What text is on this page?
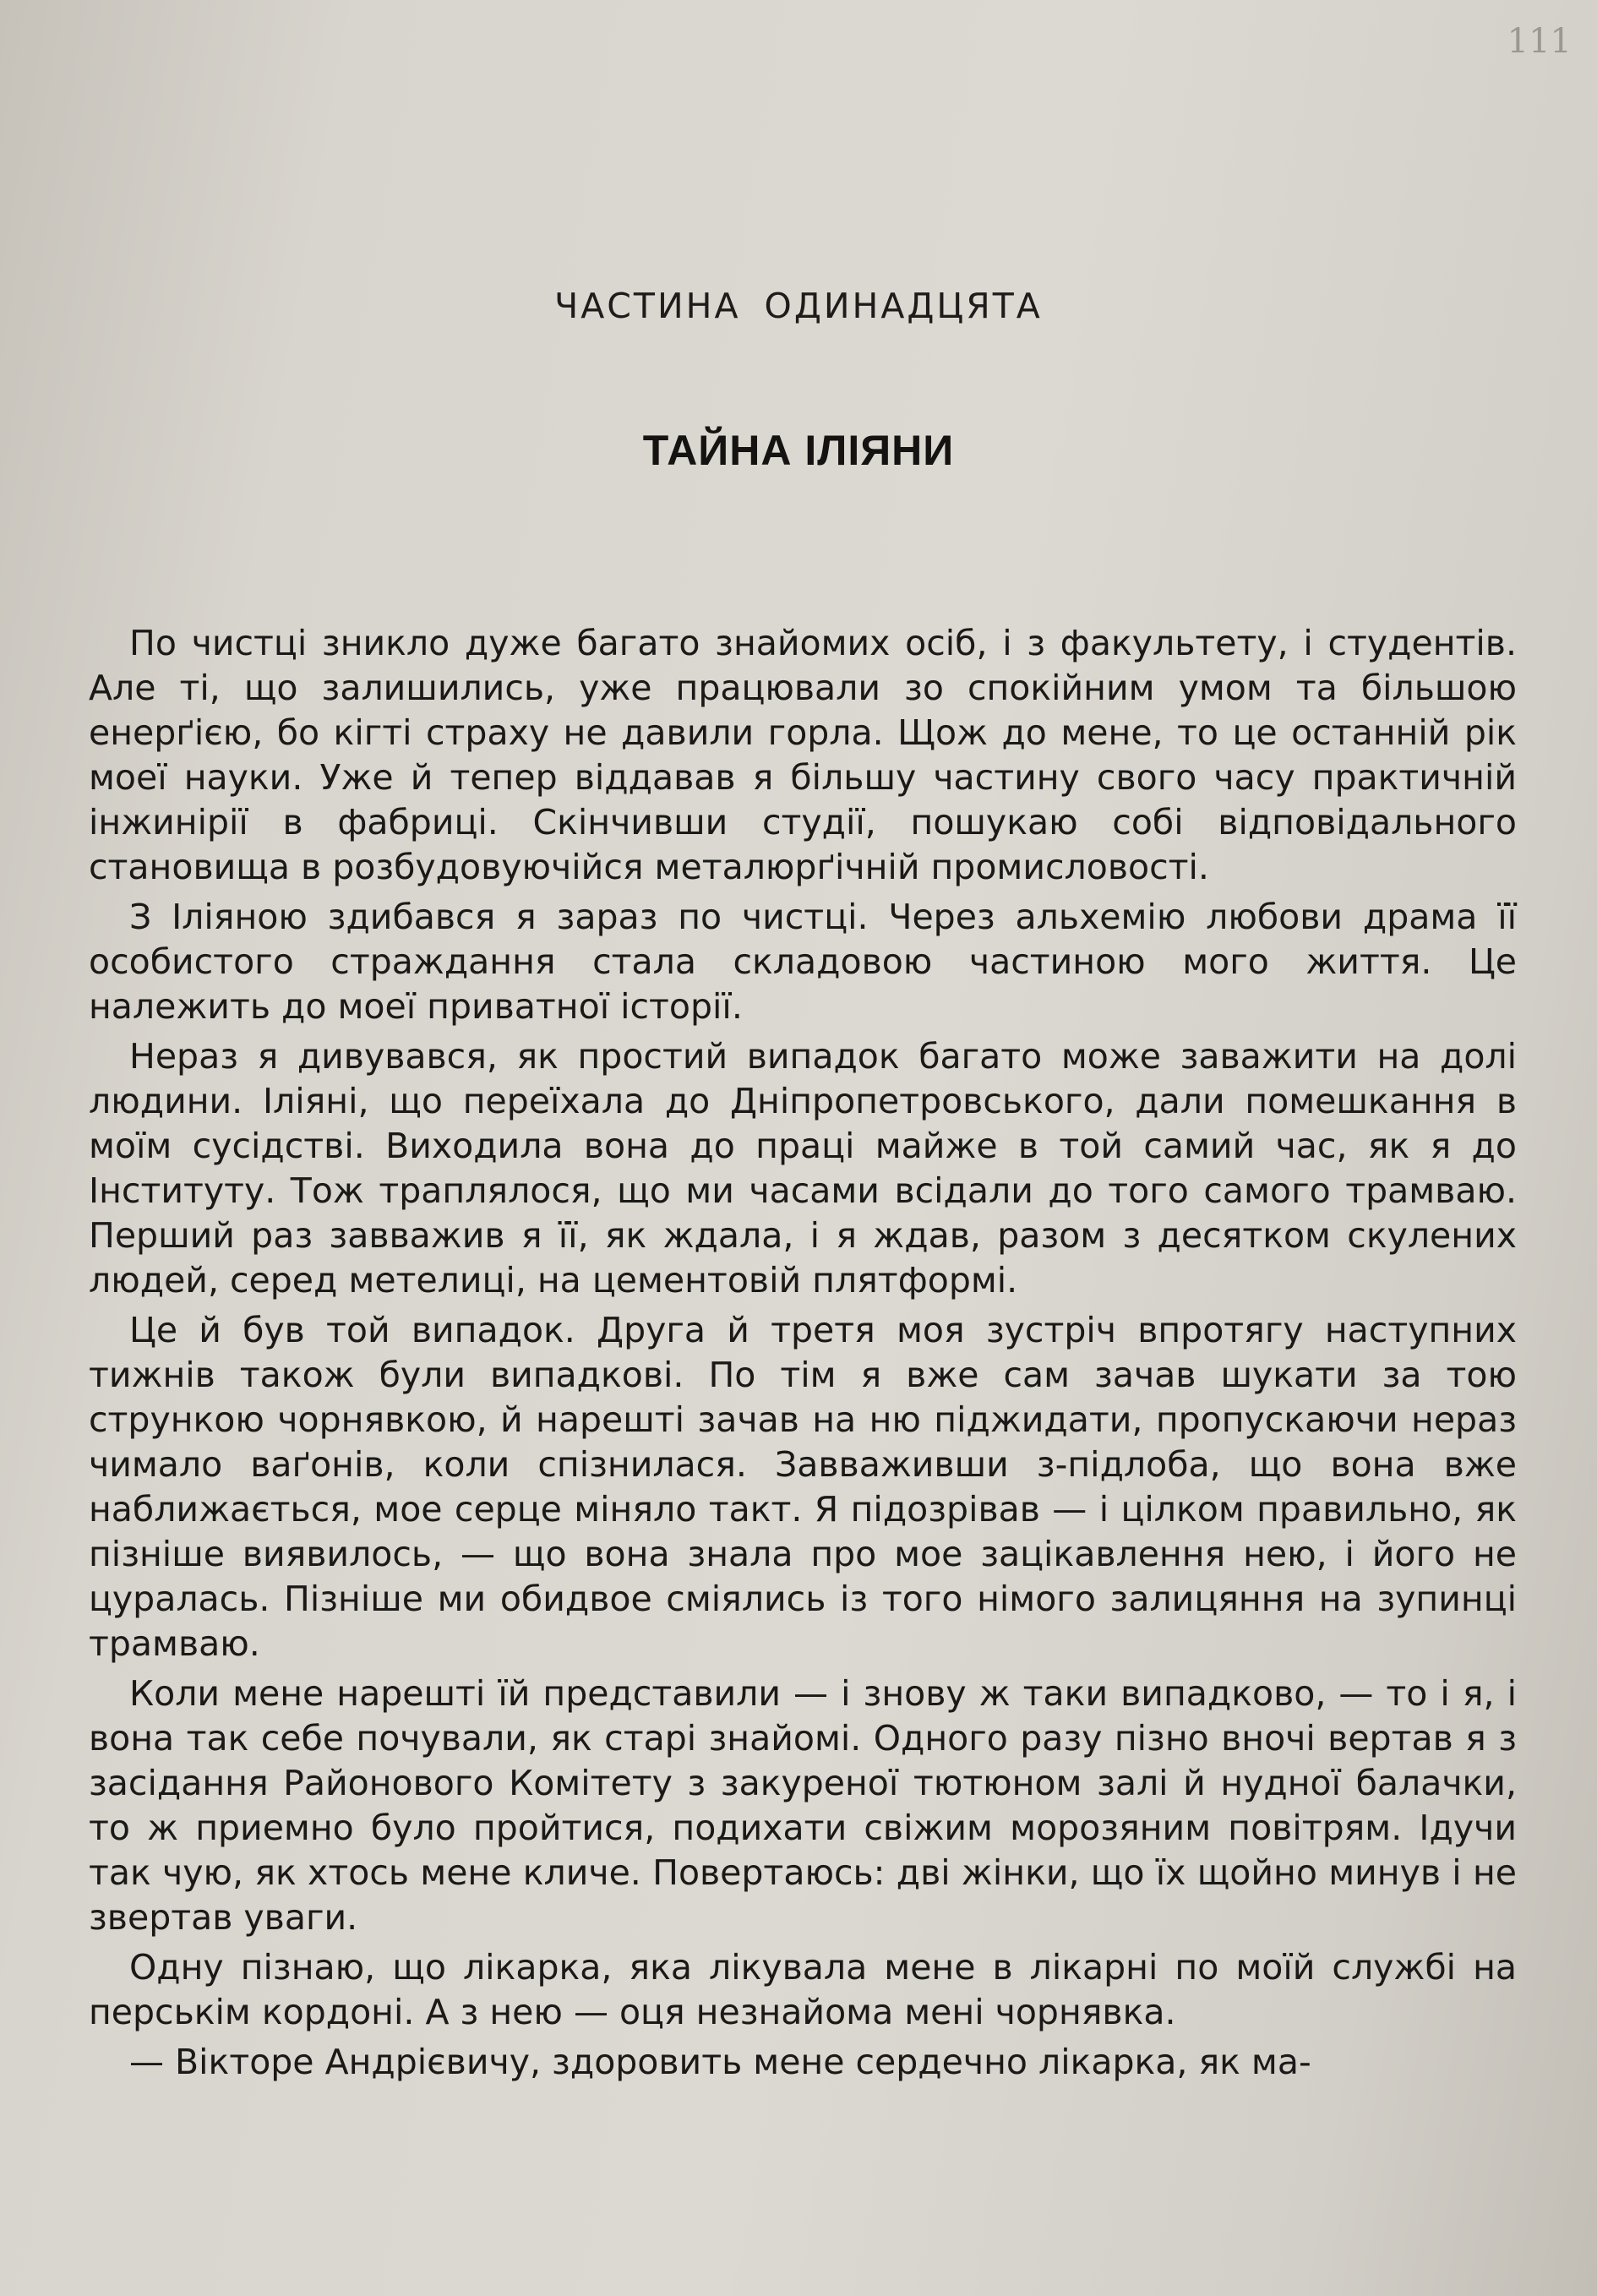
111
ЧАСТИНА ОДИНАДЦЯТА
ТАЙНА ІЛІЯНИ

По чистці зникло дуже багато знайомих осіб, і з факультету, і студентів. Але ті, що залишились, уже працювали зо спокійним умом та більшою енерґією, бо кігті страху не давили горла. Щож до мене, то це останній рік моеї науки. Уже й тепер віддавав я більшу частину свого часу практичній інжинірії в фабриці. Скінчивши студії, пошукаю собі відповідального становища в розбудовуючійся металюрґічній промисловості.

З Іліяною здибався я зараз по чистці. Через альхемію любови драма її особистого страждання стала складовою частиною мого життя. Це належить до моеї приватної історії.

Нераз я дивувався, як простий випадок багато може заважити на долі людини. Іліяні, що переїхала до Дніпропетровського, дали помешкання в моїм сусідстві. Виходила вона до праці майже в той самий час, як я до Інституту. Тож траплялося, що ми часами всідали до того самого трамваю. Перший раз завважив я її, як ждала, і я ждав, разом з десятком скулених людей, серед метелиці, на цементовій плятформі.

Це й був той випадок. Друга й третя моя зустріч впротягу наступних тижнів також були випадкові. По тім я вже сам зачав шукати за тою стрункою чорнявкою, й нарешті зачав на ню піджидати, пропускаючи нераз чимало ваґонів, коли спізнилася. Завваживши з-підлоба, що вона вже наближається, мое серце міняло такт. Я підозрівав — і цілком правильно, як пізніше виявилось, — що вона знала про мое зацікавлення нею, і його не цуралась. Пізніше ми обидвое сміялись із того німого залицяння на зупинці трамваю.

Коли мене нарешті їй представили — і знову ж таки випадково, — то і я, і вона так себе почували, як старі знайомі. Одного разу пізно вночі вертав я з засідання Районового Комітету з закуреної тютюном залі й нудної балачки, то ж приемно було пройтися, подихати свіжим морозяним повітрям. Ідучи так чую, як хтось мене кличе. Повертаюсь: дві жінки, що їх щойно минув і не звертав уваги.

Одну пізнаю, що лікарка, яка лікувала мене в лікарні по моїй службі на перськім кордоні. А з нею — оця незнайома мені чорнявка.

— Вікторе Андрієвичу, здоровить мене сердечно лікарка, як ма-
